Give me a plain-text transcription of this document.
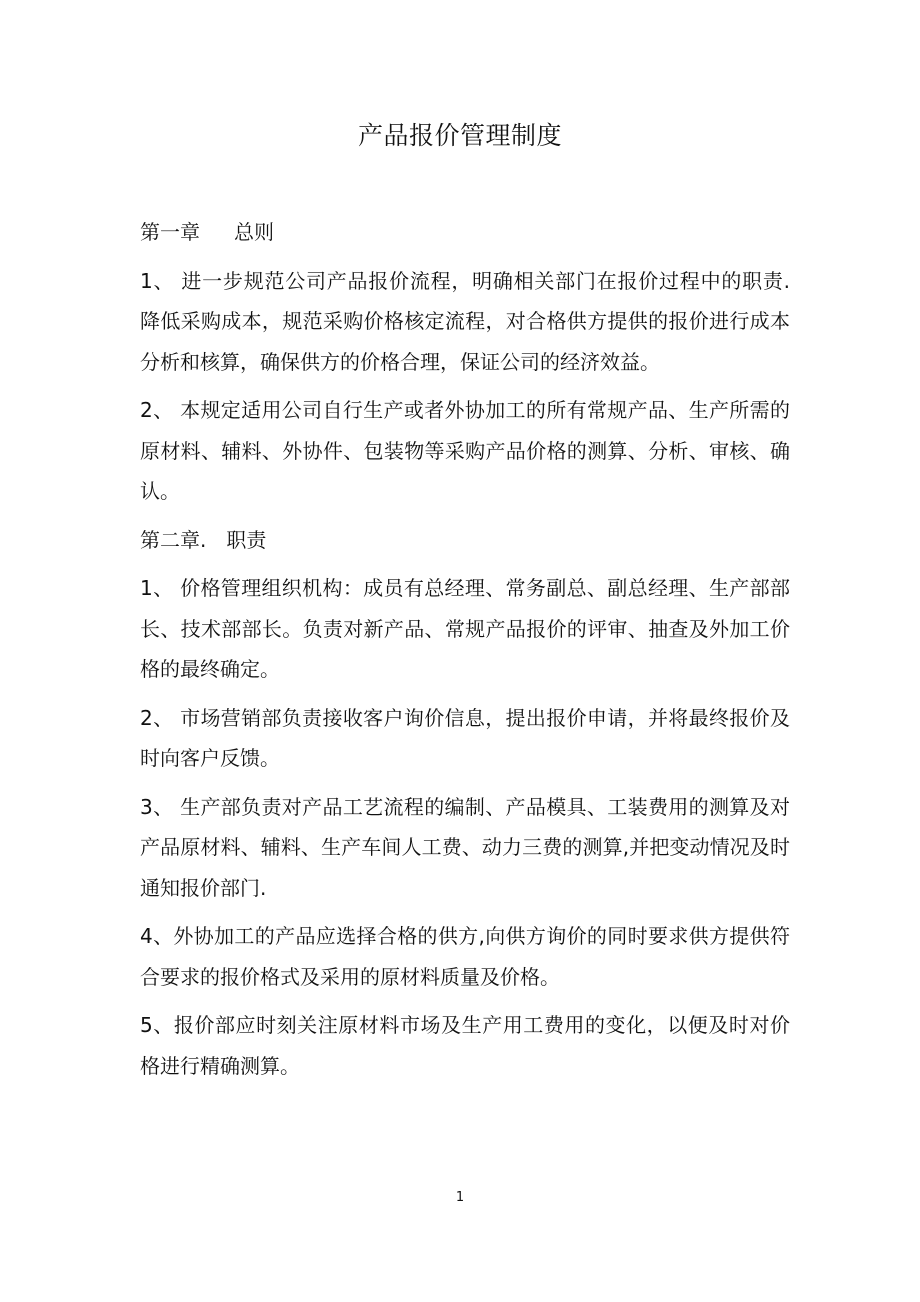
产品报价管理制度

第一章 总则

1、 进一步规范公司产品报价流程，明确相关部门在报价过程中的职责. 降低采购成本，规范采购价格核定流程，对合格供方提供的报价进行成本分析和核算，确保供方的价格合理，保证公司的经济效益。

2、 本规定适用公司自行生产或者外协加工的所有常规产品、生产所需的原材料、辅料、外协件、包装物等采购产品价格的测算、分析、审核、确认。

第二章. 职责

1、 价格管理组织机构：成员有总经理、常务副总、副总经理、生产部部长、技术部部长。负责对新产品、常规产品报价的评审、抽查及外加工价格的最终确定。

2、 市场营销部负责接收客户询价信息，提出报价申请，并将最终报价及时向客户反馈。

3、 生产部负责对产品工艺流程的编制、产品模具、工装费用的测算及对产品原材料、辅料、生产车间人工费、动力三费的测算,并把变动情况及时通知报价部门.

4、外协加工的产品应选择合格的供方,向供方询价的同时要求供方提供符合要求的报价格式及采用的原材料质量及价格。

5、报价部应时刻关注原材料市场及生产用工费用的变化，以便及时对价格进行精确测算。

1
